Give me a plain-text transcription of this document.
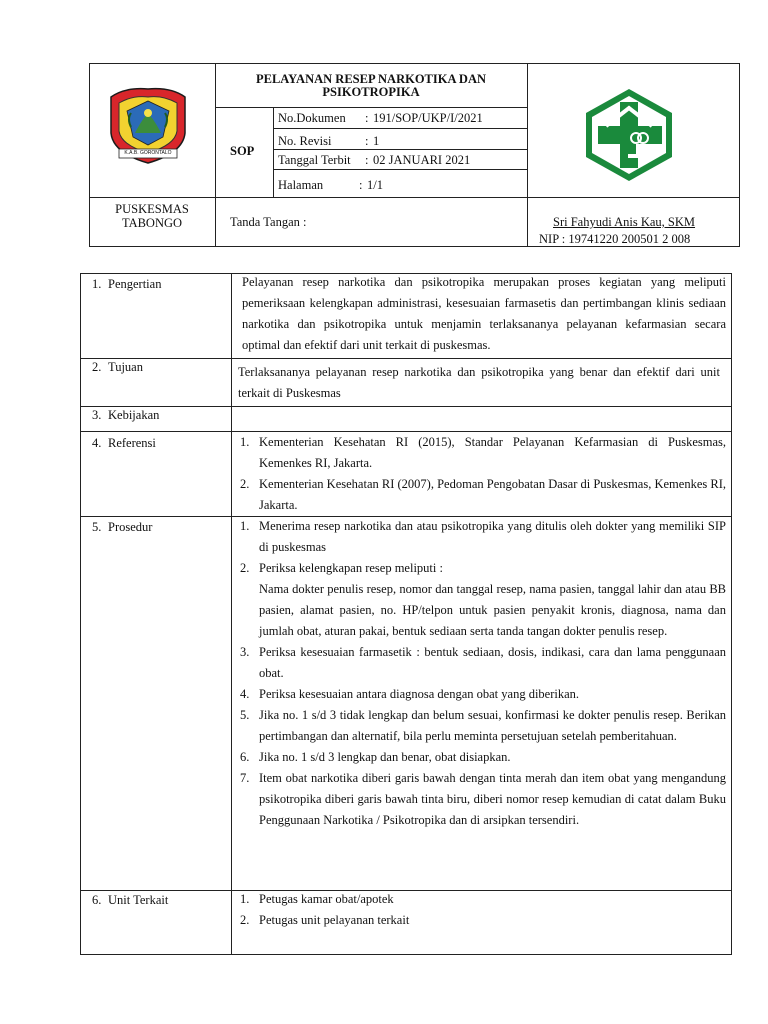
K.A.B. GORONTALO
PELAYANAN RESEP NARKOTIKA DAN
PSIKOTROPIKA
SOP
No.Dokumen : 191/SOP/UKP/I/2021
No. Revisi	: 1
Tanggal Terbit : 02 JANUARI 2021
Halaman	: 1/1
PUSKESMAS
TABONGO	Tanda Tangan :	Sri Fahyudi Anis Kau, SKM
NIP : 19741220 200501 2 008
1. Pengertian	Pelayanan resep narkotika dan psikotropika merupakan proses kegiatan yang meliputi pemeriksaan kelengkapan administrasi, kesesuaian farmasetis dan pertimbangan klinis sediaan narkotika dan psikotropika untuk menjamin terlaksananya pelayanan kefarmasian secara optimal dan efektif dari unit terkait di puskesmas.
2. Tujuan	Terlaksananya pelayanan resep narkotika dan psikotropika yang benar dan efektif dari unit terkait di Puskesmas
3. Kebijakan
4. Referensi	1. Kementerian Kesehatan RI (2015), Standar Pelayanan Kefarmasian di Puskesmas, Kemenkes RI, Jakarta.
2. Kementerian Kesehatan RI (2007), Pedoman Pengobatan Dasar di Puskesmas, Kemenkes RI, Jakarta.
5. Prosedur	1. Menerima resep narkotika dan atau psikotropika yang ditulis oleh dokter yang memiliki SIP di puskesmas
2. Periksa kelengkapan resep meliputi :
Nama dokter penulis resep, nomor dan tanggal resep, nama pasien, tanggal lahir dan atau BB pasien, alamat pasien, no. HP/telpon untuk pasien penyakit kronis, diagnosa, nama dan jumlah obat, aturan pakai, bentuk sediaan serta tanda tangan dokter penulis resep.
3. Periksa kesesuaian farmasetik : bentuk sediaan, dosis, indikasi, cara dan lama penggunaan obat.
4. Periksa kesesuaian antara diagnosa dengan obat yang diberikan.
5. Jika no. 1 s/d 3 tidak lengkap dan belum sesuai, konfirmasi ke dokter penulis resep. Berikan pertimbangan dan alternatif, bila perlu meminta persetujuan setelah pemberitahuan.
6. Jika no. 1 s/d 3 lengkap dan benar, obat disiapkan.
7. Item obat narkotika diberi garis bawah dengan tinta merah dan item obat yang mengandung psikotropika diberi garis bawah tinta biru, diberi nomor resep kemudian di catat dalam Buku Penggunaan Narkotika / Psikotropika dan di arsipkan tersendiri.
6. Unit Terkait	1. Petugas kamar obat/apotek
2. Petugas unit pelayanan terkait
